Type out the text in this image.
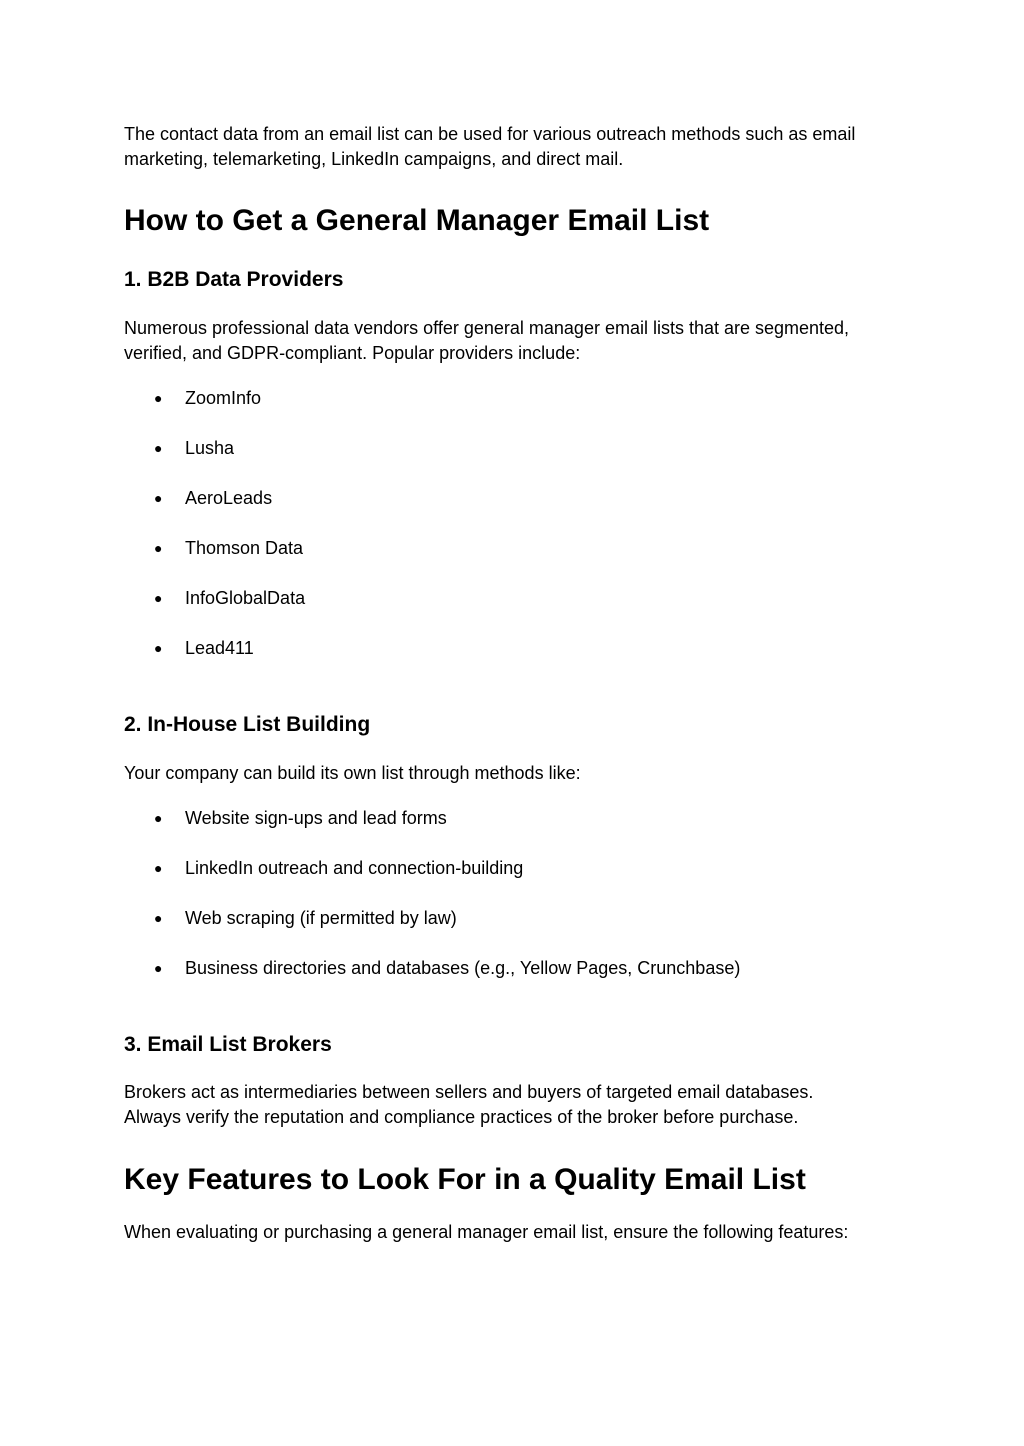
The contact data from an email list can be used for various outreach methods such as email
marketing, telemarketing, LinkedIn campaigns, and direct mail.

How to Get a General Manager Email List
1. B2B Data Providers

Numerous professional data vendors offer general manager email lists that are segmented,
verified, and GDPR-compliant. Popular providers include:

● ZoomInfo
● Lusha
● AeroLeads
● Thomson Data
● InfoGlobalData
● Lead411
2. In-House List Building

Your company can build its own list through methods like:

● Website sign-ups and lead forms
● LinkedIn outreach and connection-building
● Web scraping (if permitted by law)
● Business directories and databases (e.g., Yellow Pages, Crunchbase)
3. Email List Brokers

Brokers act as intermediaries between sellers and buyers of targeted email databases.
Always verify the reputation and compliance practices of the broker before purchase.

Key Features to Look For in a Quality Email List

When evaluating or purchasing a general manager email list, ensure the following features:
